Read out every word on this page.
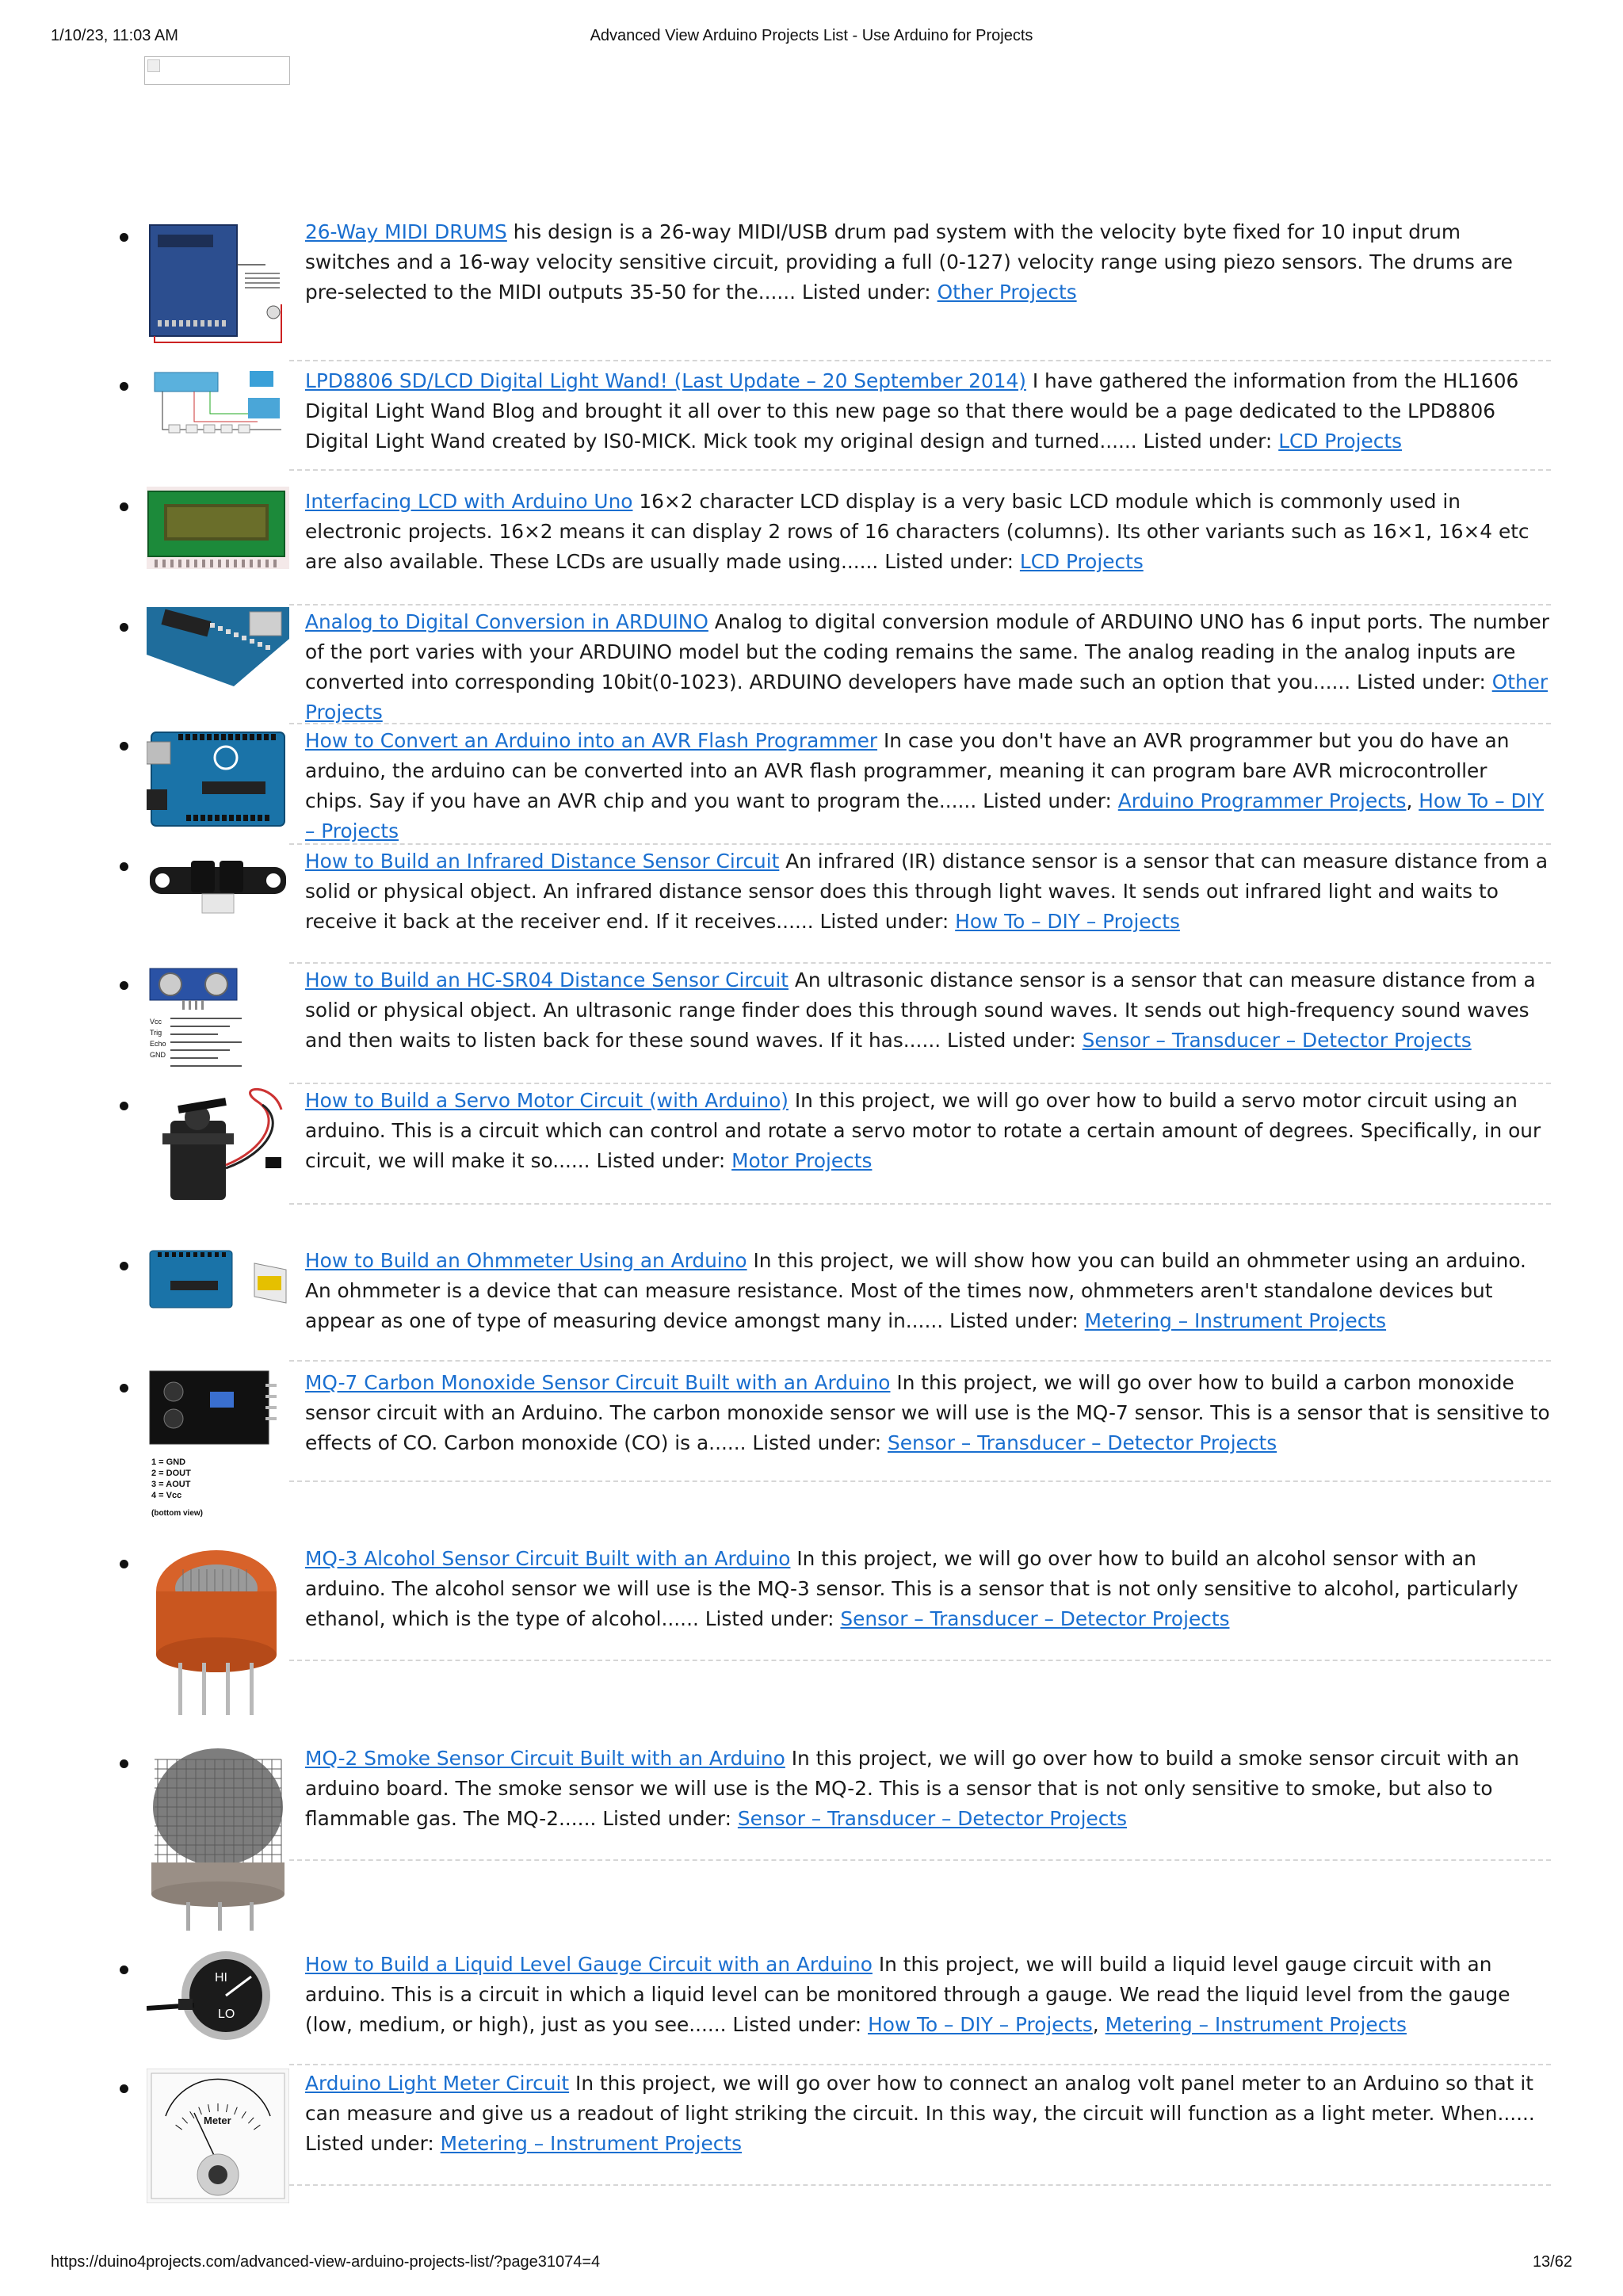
1/10/23, 11:03 AM	Advanced View Arduino Projects List - Use Arduino for Projects
26-Way MIDI DRUMS his design is a 26-way MIDI/USB drum pad system with the velocity byte fixed for 10 input drum switches and a 16-way velocity sensitive circuit, providing a full (0-127) velocity range using piezo sensors. The drums are pre-selected to the MIDI outputs 35-50 for the...... Listed under: Other Projects
LPD8806 SD/LCD Digital Light Wand! (Last Update – 20 September 2014) I have gathered the information from the HL1606 Digital Light Wand Blog and brought it all over to this new page so that there would be a page dedicated to the LPD8806 Digital Light Wand created by IS0-MICK. Mick took my original design and turned...... Listed under: LCD Projects
Interfacing LCD with Arduino Uno 16×2 character LCD display is a very basic LCD module which is commonly used in electronic projects. 16×2 means it can display 2 rows of 16 characters (columns). Its other variants such as 16×1, 16×4 etc are also available. These LCDs are usually made using...... Listed under: LCD Projects
Analog to Digital Conversion in ARDUINO Analog to digital conversion module of ARDUINO UNO has 6 input ports. The number of the port varies with your ARDUINO model but the coding remains the same. The analog reading in the analog inputs are converted into corresponding 10bit(0-1023). ARDUINO developers have made such an option that you...... Listed under: Other Projects
How to Convert an Arduino into an AVR Flash Programmer In case you don't have an AVR programmer but you do have an arduino, the arduino can be converted into an AVR flash programmer, meaning it can program bare AVR microcontroller chips. Say if you have an AVR chip and you want to program the...... Listed under: Arduino Programmer Projects, How To – DIY – Projects
How to Build an Infrared Distance Sensor Circuit An infrared (IR) distance sensor is a sensor that can measure distance from a solid or physical object. An infrared distance sensor does this through light waves. It sends out infrared light and waits to receive it back at the receiver end. If it receives...... Listed under: How To – DIY – Projects
Vcc
Trig
Echo
GND
How to Build an HC-SR04 Distance Sensor Circuit An ultrasonic distance sensor is a sensor that can measure distance from a solid or physical object. An ultrasonic range finder does this through sound waves. It sends out high-frequency sound waves and then waits to listen back for these sound waves. If it has...... Listed under: Sensor – Transducer – Detector Projects
How to Build a Servo Motor Circuit (with Arduino) In this project, we will go over how to build a servo motor circuit using an arduino. This is a circuit which can control and rotate a servo motor to rotate a certain amount of degrees. Specifically, in our circuit, we will make it so...... Listed under: Motor Projects
How to Build an Ohmmeter Using an Arduino In this project, we will show how you can build an ohmmeter using an arduino. An ohmmeter is a device that can measure resistance. Most of the times now, ohmmeters aren't standalone devices but appear as one of type of measuring device amongst many in...... Listed under: Metering – Instrument Projects
1 = GND
2 = DOUT
3 = AOUT
4 = Vcc
(bottom view)
MQ-7 Carbon Monoxide Sensor Circuit Built with an Arduino In this project, we will go over how to build a carbon monoxide sensor circuit with an Arduino. The carbon monoxide sensor we will use is the MQ-7 sensor. This is a sensor that is sensitive to effects of CO. Carbon monoxide (CO) is a...... Listed under: Sensor – Transducer – Detector Projects
MQ-3 Alcohol Sensor Circuit Built with an Arduino In this project, we will go over how to build an alcohol sensor with an arduino. The alcohol sensor we will use is the MQ-3 sensor. This is a sensor that is not only sensitive to alcohol, particularly ethanol, which is the type of alcohol...... Listed under: Sensor – Transducer – Detector Projects
MQ-2 Smoke Sensor Circuit Built with an Arduino In this project, we will go over how to build a smoke sensor circuit with an arduino board. The smoke sensor we will use is the MQ-2. This is a sensor that is not only sensitive to smoke, but also to flammable gas. The MQ-2...... Listed under: Sensor – Transducer – Detector Projects
HI
LO
How to Build a Liquid Level Gauge Circuit with an Arduino In this project, we will build a liquid level gauge circuit with an arduino. This is a circuit in which a liquid level can be monitored through a gauge. We read the liquid level from the gauge (low, medium, or high), just as you see...... Listed under: How To – DIY – Projects, Metering – Instrument Projects
Meter
Arduino Light Meter Circuit In this project, we will go over how to connect an analog volt panel meter to an Arduino so that it can measure and give us a readout of light striking the circuit. In this way, the circuit will function as a light meter. When...... Listed under: Metering – Instrument Projects
https://duino4projects.com/advanced-view-arduino-projects-list/?page31074=4	13/62
